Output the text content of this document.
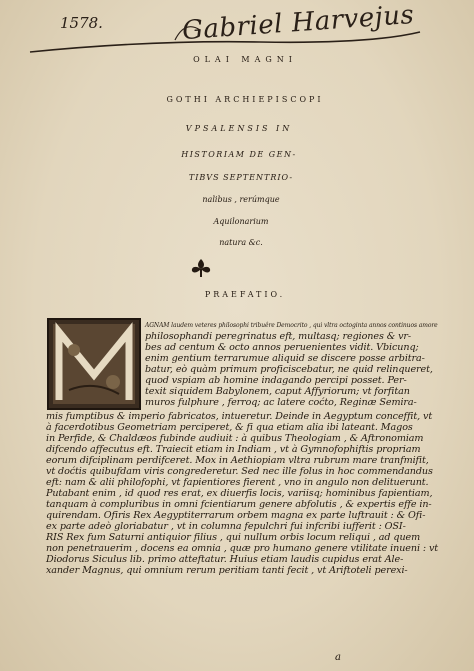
1578.	Gabriel Harvejus
OLAI MAGNI
GOTHI ARCHIEPISCOPI
VPSALENSIS IN
HISTORIAM DE GEN-
TIBVS SEPTENTRIO-
nalibus , rerúmque
Aquilonarium
natura &c.
PRAEFATIO.
AGNAM laudem veteres philosophi tribuêre Democrito , qui vltra octoginta annos continuos amore
philosophandi peregrinatus eft, multasq; regiones & vr-
bes ad centum & octo annos peruenientes vidit. Vbicunq;
enim gentium terrarumue aliquid se discere posse arbitra-
batur, eò quàm primum proficiscebatur, ne quid relinqueret,
quod vspiam ab homine indagando percipi posset. Per-
texit siquidem Babylonem, caput Affyriorum; vt forfitan
muros fulphure , ferroq; ac latere coćto, Reginæ Semira-
mis fumptibus & imperio fabricatos, intueretur. Deinde in Aegyptum conceffit, vt
à facerdotibus Geometriam perciperet, & fi qua etiam alia ibi lateant. Magos
in Perfide, & Chaldæos fubinde audiuit : à quibus Theologiam , & Aftronomiam
difcendo affecutus eft. Traiecit etiam in Indiam , vt à Gymnofophiftis propriam
eorum difciplinam perdifceret. Mox in Aethiopiam vltra rubrum mare tranfmifit,
vt doćtis quibufdam viris congrederetur. Sed nec ille folus in hoc commendandus
eft: nam & alii philofophi, vt fapientiores fierent , vno in angulo non delituerunt.
Putabant enim , id quod res erat, ex diuerfis locis, variisq; hominibus fapientiam,
tanquam à compluribus in omni fcientiarum genere abfolutis , & expertis effe in-
quirendam. Ofiris Rex Aegyptiterrarum orbem magna ex parte luftrauit : & Ofi-
ex parte adeò gloriabatur , vt in columna fepulchri fui infcribi iufferit : OSI-
RIS Rex fum Saturni antiquior filius , qui nullum orbis locum reliqui , ad quem
non penetrauerim , docens ea omnia , quæ pro humano genere vtilitate inueni : vt
Diodorus Siculus lib. primo atteftatur. Huius etiam laudis cupidus erat Ale-
xander Magnus, qui omnium rerum peritiam tanti fecit , vt Ariftoteli perexi-
a
